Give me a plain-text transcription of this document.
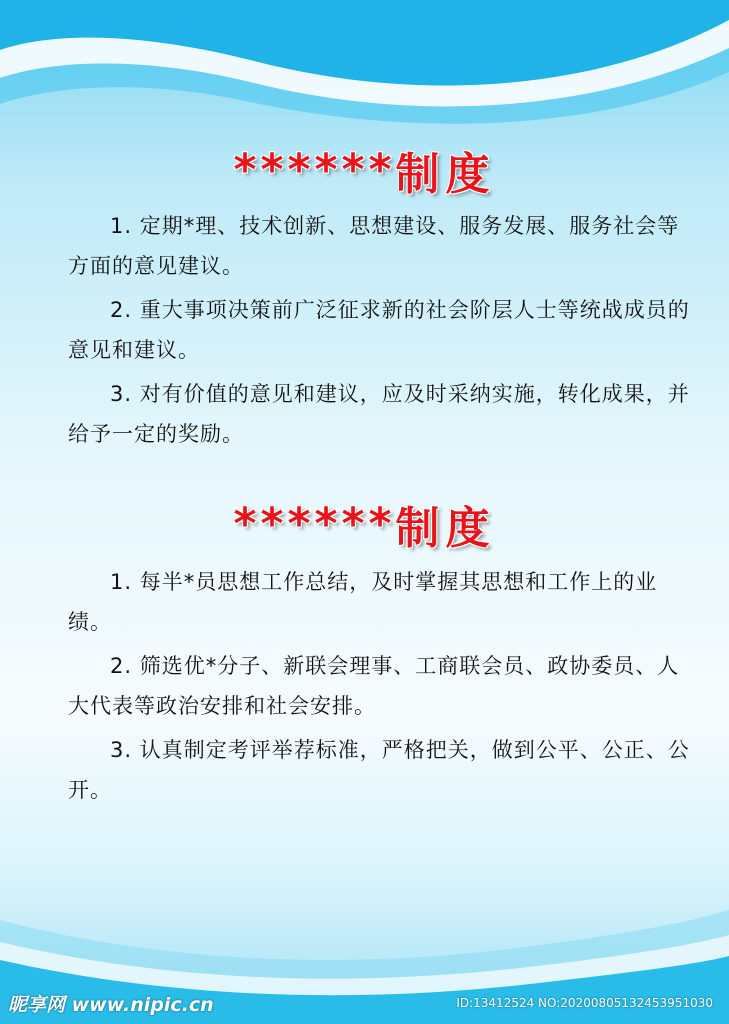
******制度

1. 定期*理、技术创新、思想建设、服务发展、服务社会等方面的意见建议。

2. 重大事项决策前广泛征求新的社会阶层人士等统战成员的意见和建议。

3. 对有价值的意见和建议，应及时采纳实施，转化成果，并给予一定的奖励。

******制度

1. 每半*员思想工作总结，及时掌握其思想和工作上的业绩。

2. 筛选优*分子、新联会理事、工商联会员、政协委员、人大代表等政治安排和社会安排。

3. 认真制定考评举荐标准，严格把关，做到公平、公正、公开。

昵享网 www.nipic.cn	ID:13412524 NO:20200805132453951030
